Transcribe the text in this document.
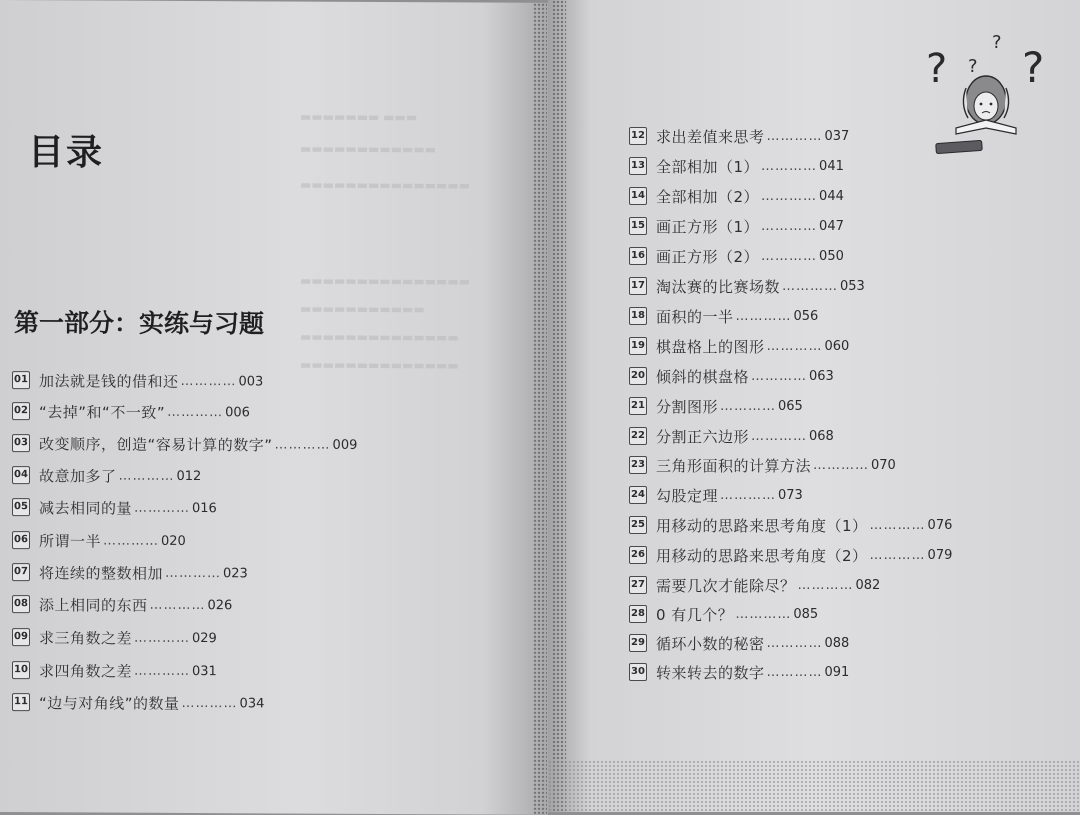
▬▬▬▬▬▬▬ ▬▬▬
▬▬▬▬▬▬▬▬▬▬▬▬
▬▬▬▬▬▬▬▬▬▬▬▬▬▬▬
▬▬▬▬▬▬▬▬▬▬▬▬▬▬▬
▬▬▬▬▬▬▬▬▬▬▬
▬▬▬▬▬▬▬▬▬▬▬▬▬▬
▬▬▬▬▬▬▬▬▬▬▬▬▬▬
目录
第一部分：实练与习题
01 加法就是钱的借和还 ………… 003
02 “去掉”和“不一致” ………… 006
03 改变顺序，创造“容易计算的数字” ………… 009
04 故意加多了 ………… 012
05 减去相同的量 ………… 016
06 所谓一半 ………… 020
07 将连续的整数相加 ………… 023
08 添上相同的东西 ………… 026
09 求三角数之差 ………… 029
10 求四角数之差 ………… 031
11 “边与对角线”的数量 ………… 034
12 求出差值来思考 ………… 037
13 全部相加（1） ………… 041
14 全部相加（2） ………… 044
15 画正方形（1） ………… 047
16 画正方形（2） ………… 050
17 淘汰赛的比赛场数 ………… 053
18 面积的一半 ………… 056
19 棋盘格上的图形 ………… 060
20 倾斜的棋盘格 ………… 063
21 分割图形 ………… 065
22 分割正六边形 ………… 068
23 三角形面积的计算方法 ………… 070
24 勾股定理 ………… 073
25 用移动的思路来思考角度（1） ………… 076
26 用移动的思路来思考角度（2） ………… 079
27 需要几次才能除尽？ ………… 082
28 0 有几个？ ………… 085
29 循环小数的秘密 ………… 088
30 转来转去的数字 ………… 091
? ?
?
?
